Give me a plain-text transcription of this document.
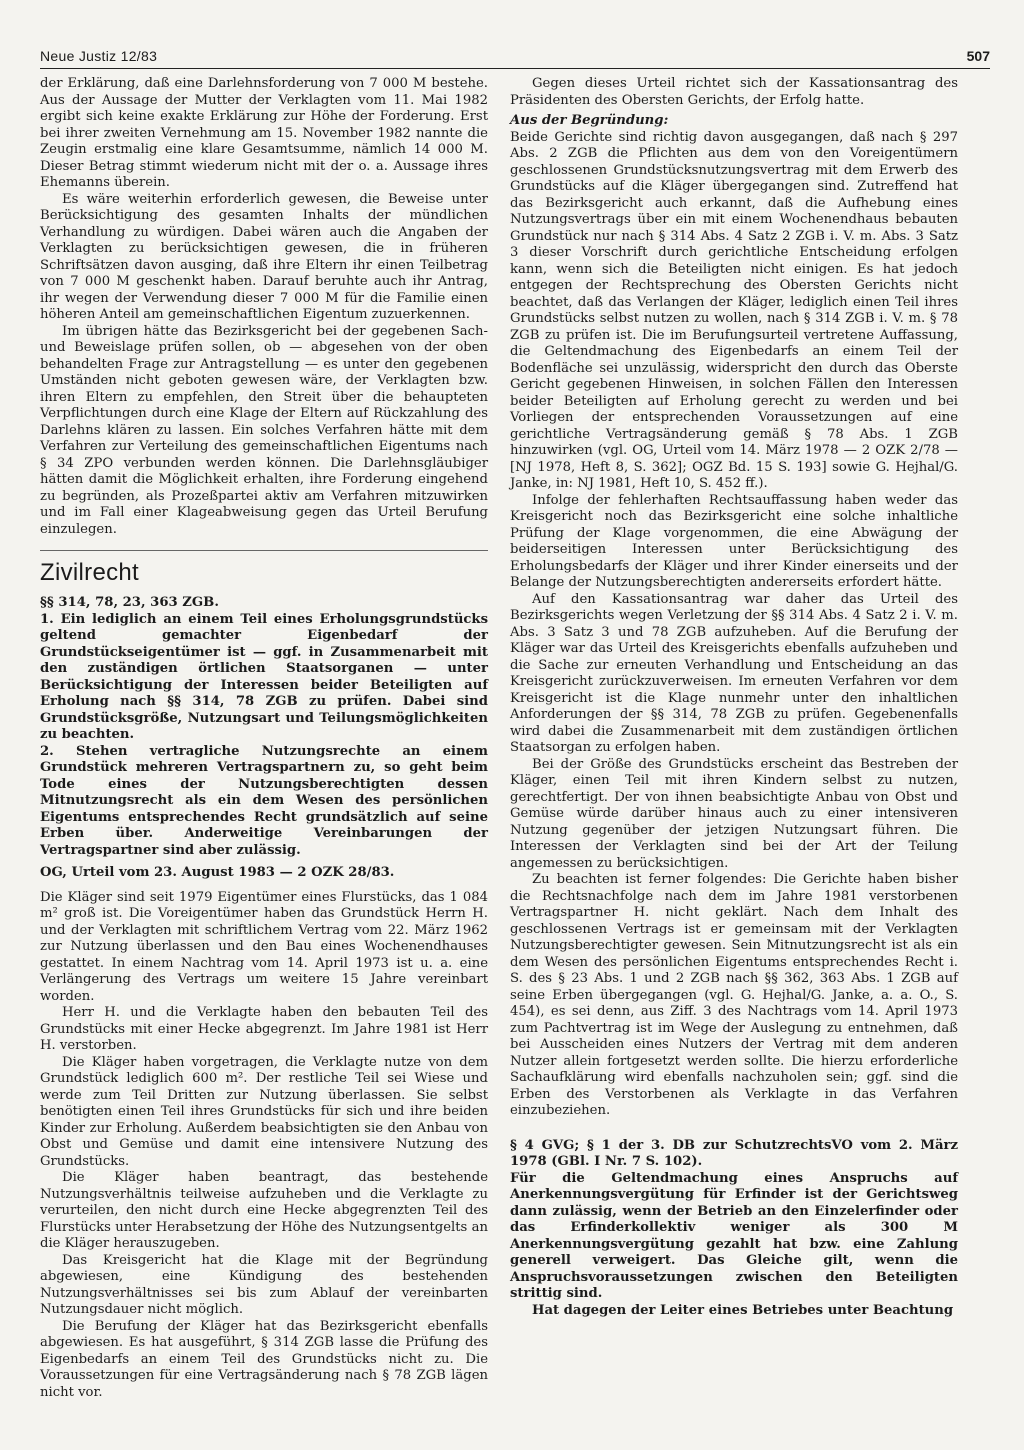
Neue Justiz 12/83	507

der Erklärung, daß eine Darlehnsforderung von 7 000 M bestehe. Aus der Aussage der Mutter der Verklagten vom 11. Mai 1982 ergibt sich keine exakte Erklärung zur Höhe der Forderung. Erst bei ihrer zweiten Vernehmung am 15. November 1982 nannte die Zeugin erstmalig eine klare Gesamtsumme, nämlich 14 000 M. Dieser Betrag stimmt wiederum nicht mit der o. a. Aussage ihres Ehemanns überein.

Es wäre weiterhin erforderlich gewesen, die Beweise unter Berücksichtigung des gesamten Inhalts der mündlichen Verhandlung zu würdigen. Dabei wären auch die Angaben der Verklagten zu berücksichtigen gewesen, die in früheren Schriftsätzen davon ausging, daß ihre Eltern ihr einen Teilbetrag von 7 000 M geschenkt haben. Darauf beruhte auch ihr Antrag, ihr wegen der Verwendung dieser 7 000 M für die Familie einen höheren Anteil am gemeinschaftlichen Eigentum zuzuerkennen.

Im übrigen hätte das Bezirksgericht bei der gegebenen Sach- und Beweislage prüfen sollen, ob — abgesehen von der oben behandelten Frage zur Antragstellung — es unter den gegebenen Umständen nicht geboten gewesen wäre, der Verklagten bzw. ihren Eltern zu empfehlen, den Streit über die behaupteten Verpflichtungen durch eine Klage der Eltern auf Rückzahlung des Darlehns klären zu lassen. Ein solches Verfahren hätte mit dem Verfahren zur Verteilung des gemeinschaftlichen Eigentums nach § 34 ZPO verbunden werden können. Die Darlehnsgläubiger hätten damit die Möglichkeit erhalten, ihre Forderung eingehend zu begründen, als Prozeßpartei aktiv am Verfahren mitzuwirken und im Fall einer Klageabweisung gegen das Urteil Berufung einzulegen.

Zivilrecht

§§ 314, 78, 23, 363 ZGB.

1. Ein lediglich an einem Teil eines Erholungsgrundstücks geltend gemachter Eigenbedarf der Grundstückseigentümer ist — ggf. in Zusammenarbeit mit den zuständigen örtlichen Staatsorganen — unter Berücksichtigung der Interessen beider Beteiligten auf Erholung nach §§ 314, 78 ZGB zu prüfen. Dabei sind Grundstücksgröße, Nutzungsart und Teilungsmöglichkeiten zu beachten.

2. Stehen vertragliche Nutzungsrechte an einem Grundstück mehreren Vertragspartnern zu, so geht beim Tode eines der Nutzungsberechtigten dessen Mitnutzungsrecht als ein dem Wesen des persönlichen Eigentums entsprechendes Recht grundsätzlich auf seine Erben über. Anderweitige Vereinbarungen der Vertragspartner sind aber zulässig.

OG, Urteil vom 23. August 1983 — 2 OZK 28/83.

Die Kläger sind seit 1979 Eigentümer eines Flurstücks, das 1 084 m² groß ist. Die Voreigentümer haben das Grundstück Herrn H. und der Verklagten mit schriftlichem Vertrag vom 22. März 1962 zur Nutzung überlassen und den Bau eines Wochenendhauses gestattet. In einem Nachtrag vom 14. April 1973 ist u. a. eine Verlängerung des Vertrags um weitere 15 Jahre vereinbart worden.

Herr H. und die Verklagte haben den bebauten Teil des Grundstücks mit einer Hecke abgegrenzt. Im Jahre 1981 ist Herr H. verstorben.

Die Kläger haben vorgetragen, die Verklagte nutze von dem Grundstück lediglich 600 m². Der restliche Teil sei Wiese und werde zum Teil Dritten zur Nutzung überlassen. Sie selbst benötigten einen Teil ihres Grundstücks für sich und ihre beiden Kinder zur Erholung. Außerdem beabsichtigten sie den Anbau von Obst und Gemüse und damit eine intensivere Nutzung des Grundstücks.

Die Kläger haben beantragt, das bestehende Nutzungsverhältnis teilweise aufzuheben und die Verklagte zu verurteilen, den nicht durch eine Hecke abgegrenzten Teil des Flurstücks unter Herabsetzung der Höhe des Nutzungsentgelts an die Kläger herauszugeben.

Das Kreisgericht hat die Klage mit der Begründung abgewiesen, eine Kündigung des bestehenden Nutzungsverhältnisses sei bis zum Ablauf der vereinbarten Nutzungsdauer nicht möglich.

Die Berufung der Kläger hat das Bezirksgericht ebenfalls abgewiesen. Es hat ausgeführt, § 314 ZGB lasse die Prüfung des Eigenbedarfs an einem Teil des Grundstücks nicht zu. Die Voraussetzungen für eine Vertragsänderung nach § 78 ZGB lägen nicht vor.

Gegen dieses Urteil richtet sich der Kassationsantrag des Präsidenten des Obersten Gerichts, der Erfolg hatte.

Aus der Begründung:

Beide Gerichte sind richtig davon ausgegangen, daß nach § 297 Abs. 2 ZGB die Pflichten aus dem von den Voreigentümern geschlossenen Grundstücksnutzungsvertrag mit dem Erwerb des Grundstücks auf die Kläger übergegangen sind. Zutreffend hat das Bezirksgericht auch erkannt, daß die Aufhebung eines Nutzungsvertrags über ein mit einem Wochenendhaus bebauten Grundstück nur nach § 314 Abs. 4 Satz 2 ZGB i. V. m. Abs. 3 Satz 3 dieser Vorschrift durch gerichtliche Entscheidung erfolgen kann, wenn sich die Beteiligten nicht einigen. Es hat jedoch entgegen der Rechtsprechung des Obersten Gerichts nicht beachtet, daß das Verlangen der Kläger, lediglich einen Teil ihres Grundstücks selbst nutzen zu wollen, nach § 314 ZGB i. V. m. § 78 ZGB zu prüfen ist. Die im Berufungsurteil vertretene Auffassung, die Geltendmachung des Eigenbedarfs an einem Teil der Bodenfläche sei unzulässig, widerspricht den durch das Oberste Gericht gegebenen Hinweisen, in solchen Fällen den Interessen beider Beteiligten auf Erholung gerecht zu werden und bei Vorliegen der entsprechenden Voraussetzungen auf eine gerichtliche Vertragsänderung gemäß § 78 Abs. 1 ZGB hinzuwirken (vgl. OG, Urteil vom 14. März 1978 — 2 OZK 2/78 — [NJ 1978, Heft 8, S. 362]; OGZ Bd. 15 S. 193] sowie G. Hejhal/G. Janke, in: NJ 1981, Heft 10, S. 452 ff.).

Infolge der fehlerhaften Rechtsauffassung haben weder das Kreisgericht noch das Bezirksgericht eine solche inhaltliche Prüfung der Klage vorgenommen, die eine Abwägung der beiderseitigen Interessen unter Berücksichtigung des Erholungsbedarfs der Kläger und ihrer Kinder einerseits und der Belange der Nutzungsberechtigten andererseits erfordert hätte.

Auf den Kassationsantrag war daher das Urteil des Bezirksgerichts wegen Verletzung der §§ 314 Abs. 4 Satz 2 i. V. m. Abs. 3 Satz 3 und 78 ZGB aufzuheben. Auf die Berufung der Kläger war das Urteil des Kreisgerichts ebenfalls aufzuheben und die Sache zur erneuten Verhandlung und Entscheidung an das Kreisgericht zurückzuverweisen. Im erneuten Verfahren vor dem Kreisgericht ist die Klage nunmehr unter den inhaltlichen Anforderungen der §§ 314, 78 ZGB zu prüfen. Gegebenenfalls wird dabei die Zusammenarbeit mit dem zuständigen örtlichen Staatsorgan zu erfolgen haben.

Bei der Größe des Grundstücks erscheint das Bestreben der Kläger, einen Teil mit ihren Kindern selbst zu nutzen, gerechtfertigt. Der von ihnen beabsichtigte Anbau von Obst und Gemüse würde darüber hinaus auch zu einer intensiveren Nutzung gegenüber der jetzigen Nutzungsart führen. Die Interessen der Verklagten sind bei der Art der Teilung angemessen zu berücksichtigen.

Zu beachten ist ferner folgendes: Die Gerichte haben bisher die Rechtsnachfolge nach dem im Jahre 1981 verstorbenen Vertragspartner H. nicht geklärt. Nach dem Inhalt des geschlossenen Vertrags ist er gemeinsam mit der Verklagten Nutzungsberechtigter gewesen. Sein Mitnutzungsrecht ist als ein dem Wesen des persönlichen Eigentums entsprechendes Recht i. S. des § 23 Abs. 1 und 2 ZGB nach §§ 362, 363 Abs. 1 ZGB auf seine Erben übergegangen (vgl. G. Hejhal/G. Janke, a. a. O., S. 454), es sei denn, aus Ziff. 3 des Nachtrags vom 14. April 1973 zum Pachtvertrag ist im Wege der Auslegung zu entnehmen, daß bei Ausscheiden eines Nutzers der Vertrag mit dem anderen Nutzer allein fortgesetzt werden sollte. Die hierzu erforderliche Sachaufklärung wird ebenfalls nachzuholen sein; ggf. sind die Erben des Verstorbenen als Verklagte in das Verfahren einzubeziehen.

§ 4 GVG; § 1 der 3. DB zur SchutzrechtsVO vom 2. März 1978 (GBl. I Nr. 7 S. 102).

Für die Geltendmachung eines Anspruchs auf Anerkennungsvergütung für Erfinder ist der Gerichtsweg dann zulässig, wenn der Betrieb an den Einzelerfinder oder das Erfinderkollektiv weniger als 300 M Anerkennungsvergütung gezahlt hat bzw. eine Zahlung generell verweigert. Das Gleiche gilt, wenn die Anspruchsvoraussetzungen zwischen den Beteiligten strittig sind.

Hat dagegen der Leiter eines Betriebes unter Beachtung
